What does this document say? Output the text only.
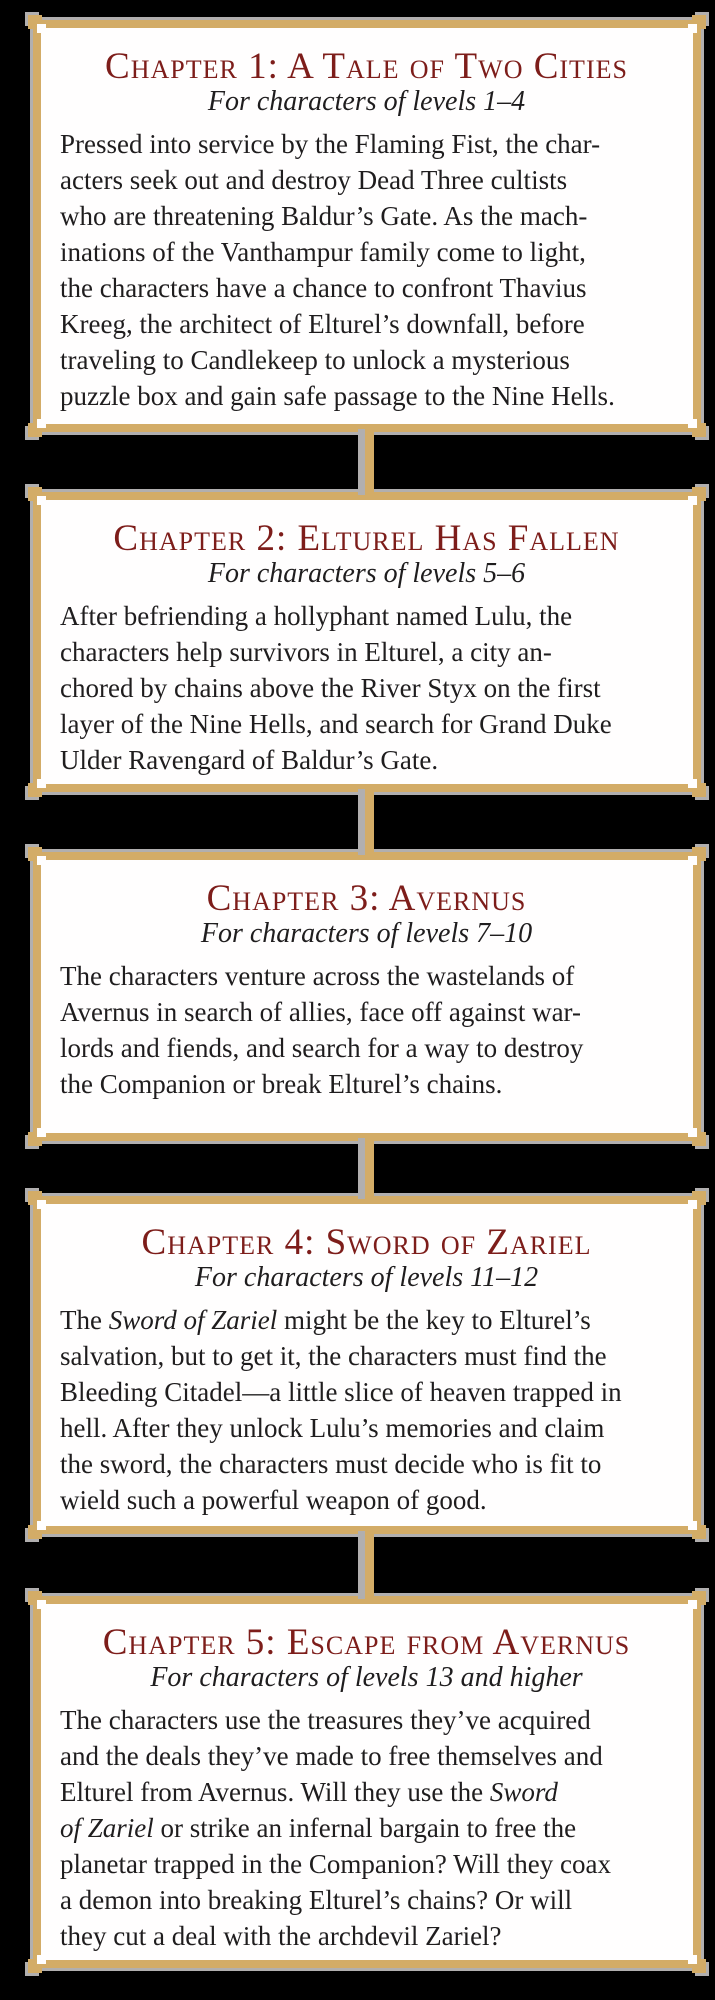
Chapter 1: A Tale of Two Cities
For characters of levels 1–4
Pressed into service by the Flaming Fist, the char-
acters seek out and destroy Dead Three cultists
who are threatening Baldur’s Gate. As the mach-
inations of the Vanthampur family come to light,
the characters have a chance to confront Thavius
Kreeg, the architect of Elturel’s downfall, before
traveling to Candlekeep to unlock a mysterious
puzzle box and gain safe passage to the Nine Hells.
Chapter 2: Elturel Has Fallen
For characters of levels 5–6
After befriending a hollyphant named Lulu, the
characters help survivors in Elturel, a city an-
chored by chains above the River Styx on the first
layer of the Nine Hells, and search for Grand Duke
Ulder Ravengard of Baldur’s Gate.
Chapter 3: Avernus
For characters of levels 7–10
The characters venture across the wastelands of
Avernus in search of allies, face off against war-
lords and fiends, and search for a way to destroy
the Companion or break Elturel’s chains.
Chapter 4: Sword of Zariel
For characters of levels 11–12
The Sword of Zariel might be the key to Elturel’s
salvation, but to get it, the characters must find the
Bleeding Citadel—a little slice of heaven trapped in
hell. After they unlock Lulu’s memories and claim
the sword, the characters must decide who is fit to
wield such a powerful weapon of good.
Chapter 5: Escape from Avernus
For characters of levels 13 and higher
The characters use the treasures they’ve acquired
and the deals they’ve made to free themselves and
Elturel from Avernus. Will they use the Sword
of Zariel or strike an infernal bargain to free the
planetar trapped in the Companion? Will they coax
a demon into breaking Elturel’s chains? Or will
they cut a deal with the archdevil Zariel?
